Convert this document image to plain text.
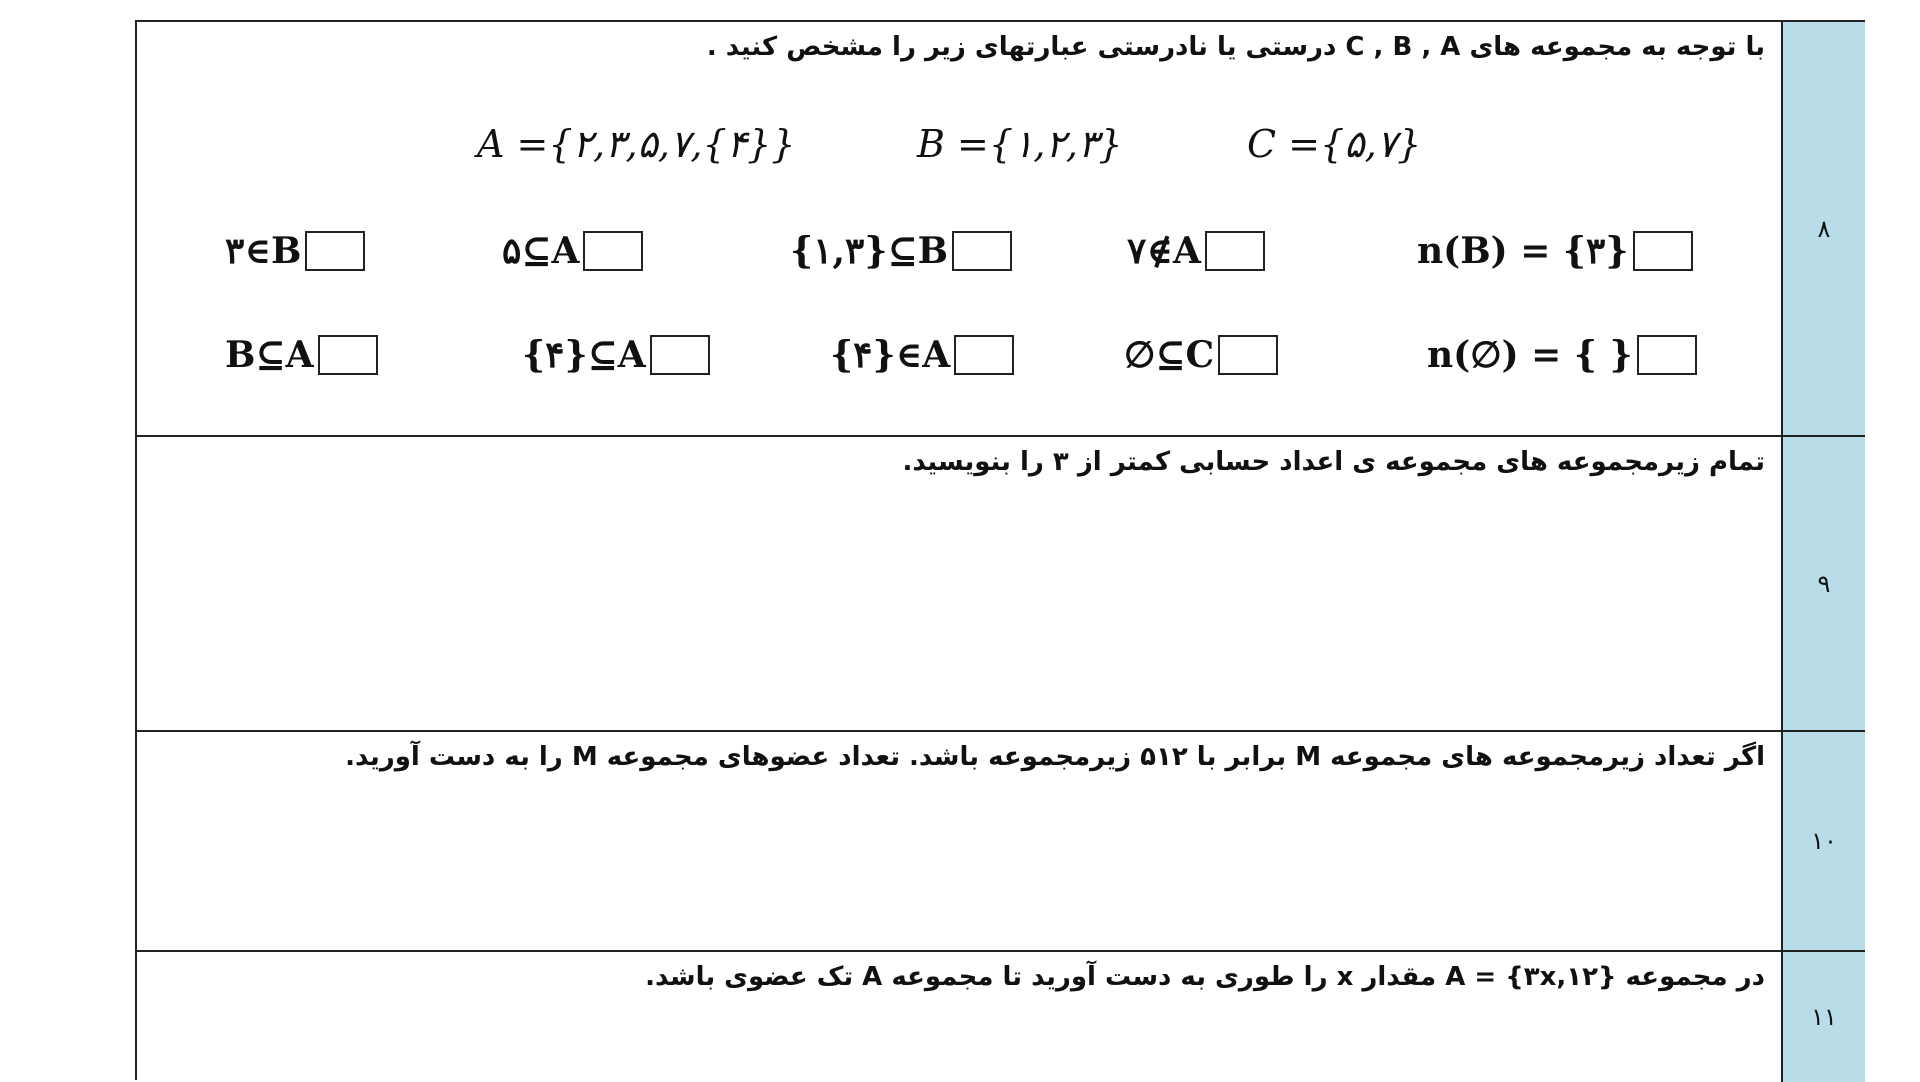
۸
با توجه به مجموعه های C , B , A درستی یا نادرستی عبارتهای زیر را مشخص کنید .
A ={۲,۳,۵,۷,{۴}}	B ={۱,۲,۳}	C ={۵,۷}
۳∈B	۵⊆A	{۱,۳}⊆B	۷∉A	n(B) = {۳}
B⊆A	{۴}⊆A	{۴}∈A	∅⊆C	n(∅) = { }
۹
تمام زیرمجموعه های مجموعه ی اعداد حسابی کمتر از ۳ را بنویسید.
۱۰
اگر تعداد زیرمجموعه های مجموعه M برابر با ۵۱۲ زیرمجموعه باشد. تعداد عضوهای مجموعه M را به دست آورید.
۱۱
در مجموعه A = {۳x,۱۲} مقدار x را طوری به دست آورید تا مجموعه A تک عضوی باشد.
